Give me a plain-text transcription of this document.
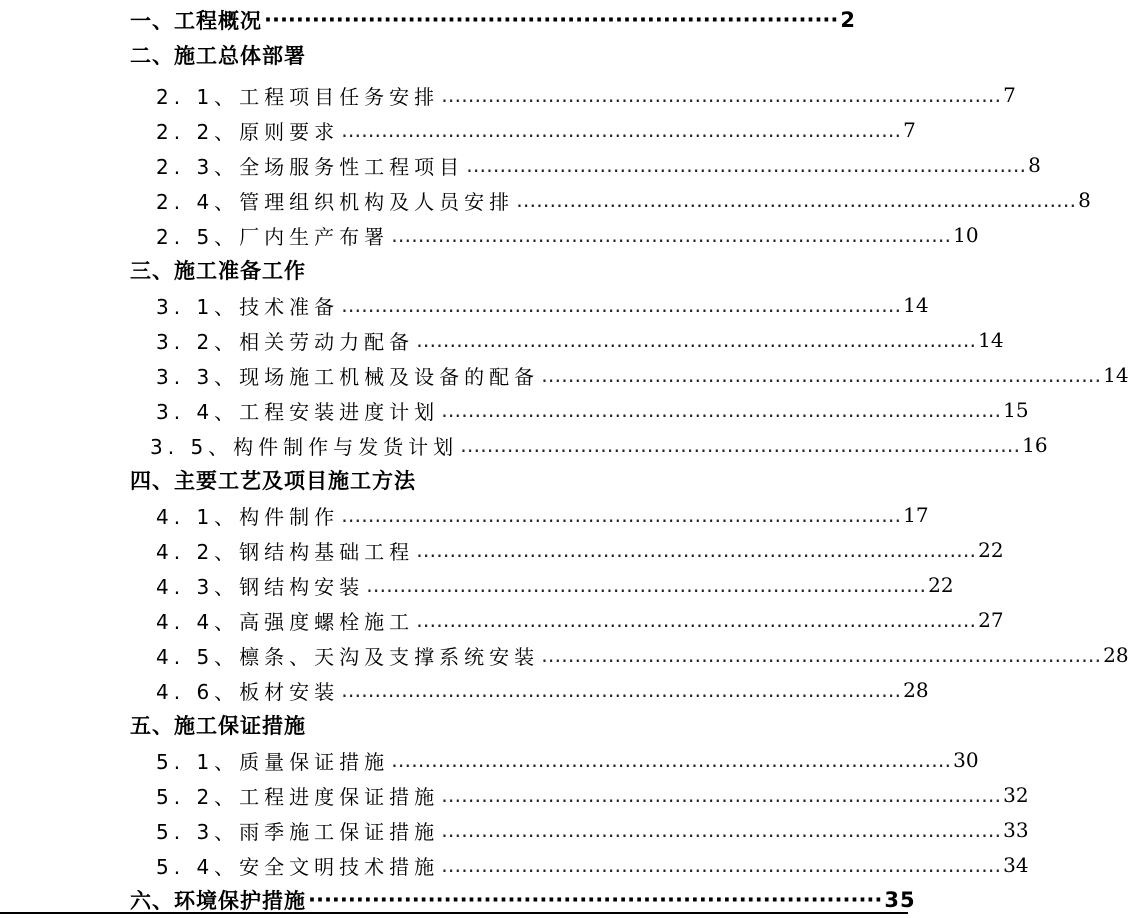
一、工程概况 ········································································ 2
二、施工总体部署
2. 1、工程项目任务安排 ………………………………………………………………………… 7
2. 2、原则要求 ………………………………………………………………………… 7
2. 3、全场服务性工程项目 ………………………………………………………………………… 8
2. 4、管理组织机构及人员安排 ………………………………………………………………………… 8
2. 5、厂内生产布署 ………………………………………………………………………… 10
三、施工准备工作
3. 1、技术准备 ………………………………………………………………………… 14
3. 2、相关劳动力配备 ………………………………………………………………………… 14
3. 3、现场施工机械及设备的配备 ………………………………………………………………………… 14
3. 4、工程安装进度计划 ………………………………………………………………………… 15
3. 5、构件制作与发货计划 ………………………………………………………………………… 16
四、主要工艺及项目施工方法
4. 1、构件制作 ………………………………………………………………………… 17
4. 2、钢结构基础工程 ………………………………………………………………………… 22
4. 3、钢结构安装 ………………………………………………………………………… 22
4. 4、高强度螺栓施工 ………………………………………………………………………… 27
4. 5、檩条、天沟及支撑系统安装 ………………………………………………………………………… 28
4. 6、板材安装 ………………………………………………………………………… 28
五、施工保证措施
5. 1、质量保证措施 ………………………………………………………………………… 30
5. 2、工程进度保证措施 ………………………………………………………………………… 32
5. 3、雨季施工保证措施 ………………………………………………………………………… 33
5. 4、安全文明技术措施 ………………………………………………………………………… 34
六、环境保护措施 ········································································ 35
